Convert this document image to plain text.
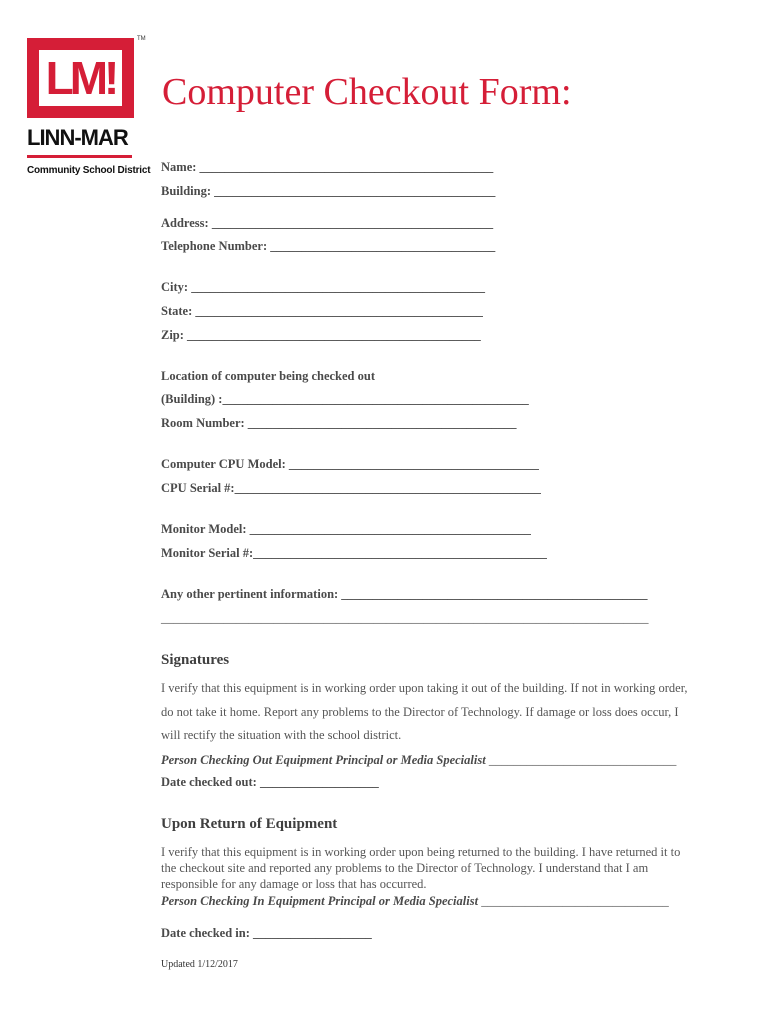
LM!
TM
LINN-MAR
Community School District
Computer Checkout Form:
Name: _______________________________________________
Building: _____________________________________________
Address: _____________________________________________
Telephone Number: ____________________________________
City: _______________________________________________
State: ______________________________________________
Zip: _______________________________________________
Location of computer being checked out
(Building) :_________________________________________________
Room Number: ___________________________________________
Computer CPU Model: ________________________________________
CPU Serial #:_________________________________________________
Monitor Model: _____________________________________________
Monitor Serial #:_______________________________________________
Any other pertinent information: _________________________________________________
______________________________________________________________________________
Signatures
I verify that this equipment is in working order upon taking it out of the building. If not in working order,
do not take it home. Report any problems to the Director of Technology. If damage or loss does occur, I
will rectify the situation with the school district.
Person Checking Out Equipment Principal or Media Specialist ______________________________
Date checked out: ___________________
Upon Return of Equipment
I verify that this equipment is in working order upon being returned to the building. I have returned it to
the checkout site and reported any problems to the Director of Technology. I understand that I am
responsible for any damage or loss that has occurred.
Person Checking In Equipment Principal or Media Specialist ______________________________
Date checked in: ___________________
Updated 1/12/2017
